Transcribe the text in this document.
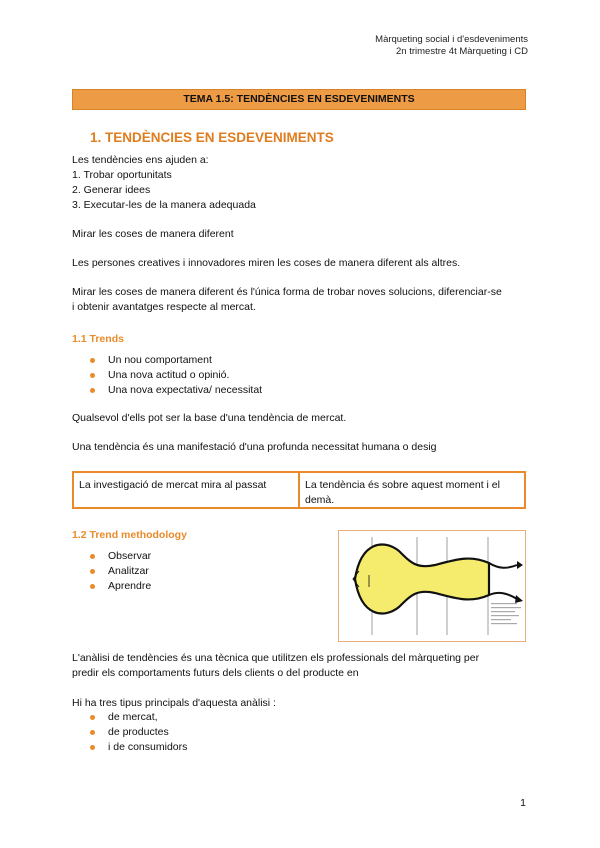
Màrqueting social i d'esdeveniments
2n trimestre 4t Màrqueting i CD
TEMA 1.5: TENDÈNCIES EN ESDEVENIMENTS
1. TENDÈNCIES EN ESDEVENIMENTS
Les tendències ens ajuden a:
1. Trobar oportunitats
2. Generar idees
3. Executar-les de la manera adequada
Mirar les coses de manera diferent
Les persones creatives i innovadores miren les coses de manera diferent als altres.
Mirar les coses de manera diferent és l'única forma de trobar noves solucions, diferenciar-se
i obtenir avantatges respecte al mercat.
1.1 Trends
Un nou comportament
Una nova actitud o opinió.
Una nova expectativa/ necessitat
Qualsevol d'ells pot ser la base d'una tendència de mercat.
Una tendència és una manifestació d'una profunda necessitat humana o desig
La investigació de mercat mira al passat	La tendència és sobre aquest moment i el demà.
1.2 Trend methodology
Observar
Analitzar
Aprendre
L'anàlisi de tendències és una tècnica que utilitzen els professionals del màrqueting per
predir els comportaments futurs dels clients o del producte en
Hi ha tres tipus principals d'aquesta anàlisi :
de mercat,
de productes
i de consumidors
1
